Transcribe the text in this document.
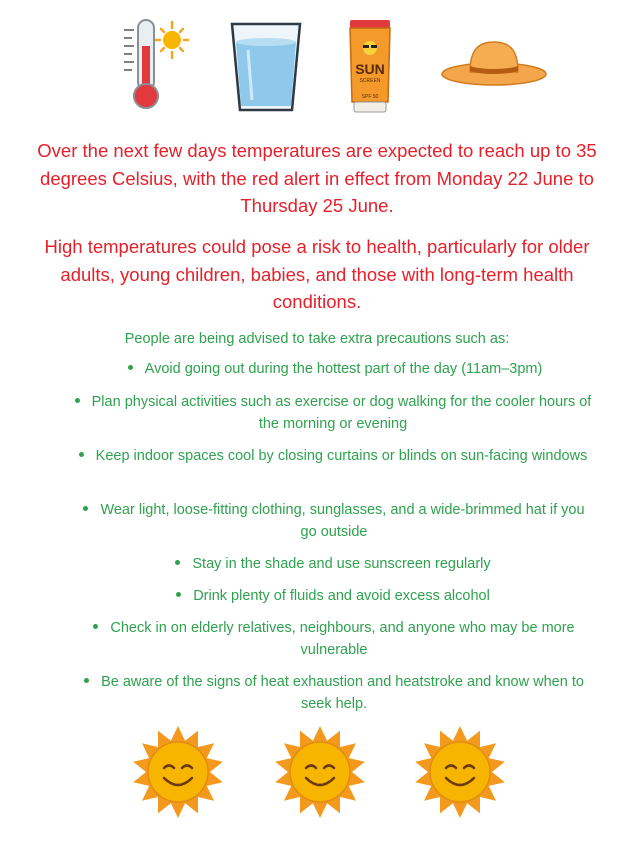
SUN
SCREEN
SPF 50

Over the next few days temperatures are expected to reach up to 35 degrees Celsius, with the red alert in effect from Monday 22 June to Thursday 25 June.

High temperatures could pose a risk to health, particularly for older adults, young children, babies, and those with long-term health conditions.

People are being advised to take extra precautions such as:

Avoid going out during the hottest part of the day (11am–3pm)

Plan physical activities such as exercise or dog walking for the cooler hours of the morning or evening

Keep indoor spaces cool by closing curtains or blinds on sun-facing windows

Wear light, loose-fitting clothing, sunglasses, and a wide-brimmed hat if you go outside

Stay in the shade and use sunscreen regularly

Drink plenty of fluids and avoid excess alcohol

Check in on elderly relatives, neighbours, and anyone who may be more vulnerable

Be aware of the signs of heat exhaustion and heatstroke and know when to seek help.
